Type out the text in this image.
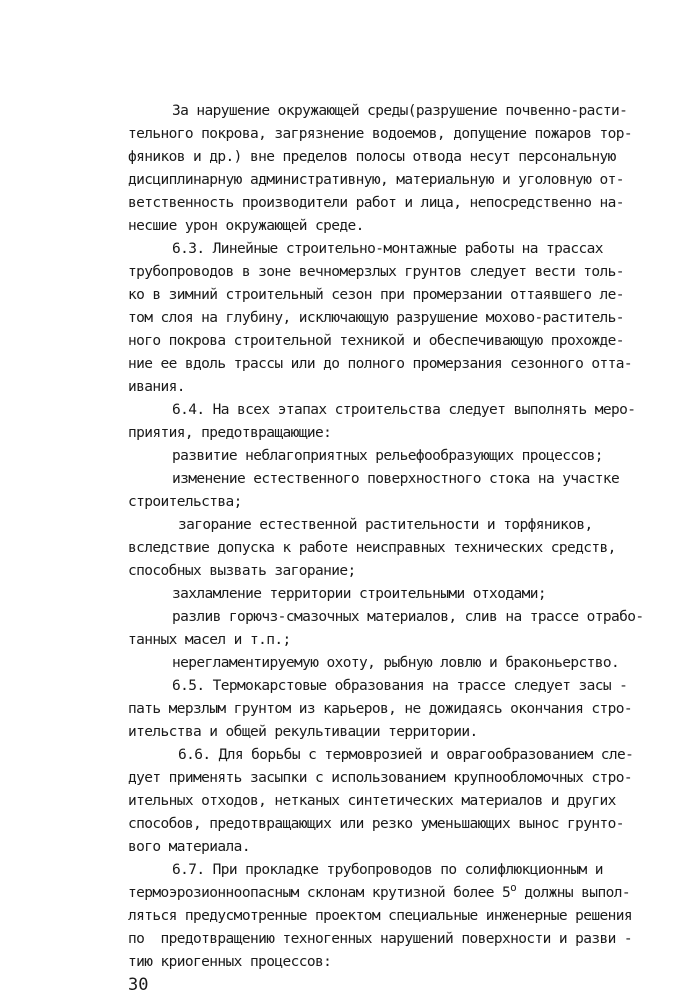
За нарушение окружающей среды(разрушение почвенно-расти-
тельного покрова, загрязнение водоемов, допущение пожаров тор-
фяников и др.) вне пределов полосы отвода несут персональную
дисциплинарную административную, материальную и уголовную от-
ветственность производители работ и лица, непосредственно на-
несшие урон окружающей среде.
6.3. Линейные строительно-монтажные работы на трассах
трубопроводов в зоне вечномерзлых грунтов следует вести толь-
ко в зимний строительный сезон при промерзании оттаявшего ле-
том слоя на глубину, исключающую разрушение мохово-раститель-
ного покрова строительной техникой и обеспечивающую прохожде-
ние ее вдоль трассы или до полного промерзания сезонного отта-
ивания.
6.4. На всех этапах строительства следует выполнять меро-
приятия, предотвращающие:
развитие неблагоприятных рельефообразующих процессов;
изменение естественного поверхностного стока на участке
строительства;
загорание естественной растительности и торфяников,
вследствие допуска к работе неисправных технических средств,
способных вызвать загорание;
захламление территории строительными отходами;
разлив горючз-смазочных материалов, слив на трассе отрабо-
танных масел и т.п.;
нерегламентируемую охоту, рыбную ловлю и браконьерство.
6.5. Термокарстовые образования на трассе следует засы -
пать мерзлым грунтом из карьеров, не дожидаясь окончания стро-
ительства и общей рекультивации территории.
6.6. Для борьбы с термоврозией и оврагообразованием сле-
дует применять засыпки с использованием крупнообломочных стро-
ительных отходов, нетканых синтетических материалов и других
способов, предотвращающих или резко уменьшающих вынос грунто-
вого материала.
6.7. При прокладке трубопроводов по солифлюкционным и
термоэрозионноопасным склонам крутизной более $5^о$ должны выпол-
ляться предусмотренные проектом специальные инженерные решения
по  предотвращению техногенных нарушений поверхности и разви -
тию криогенных процессов:
30
